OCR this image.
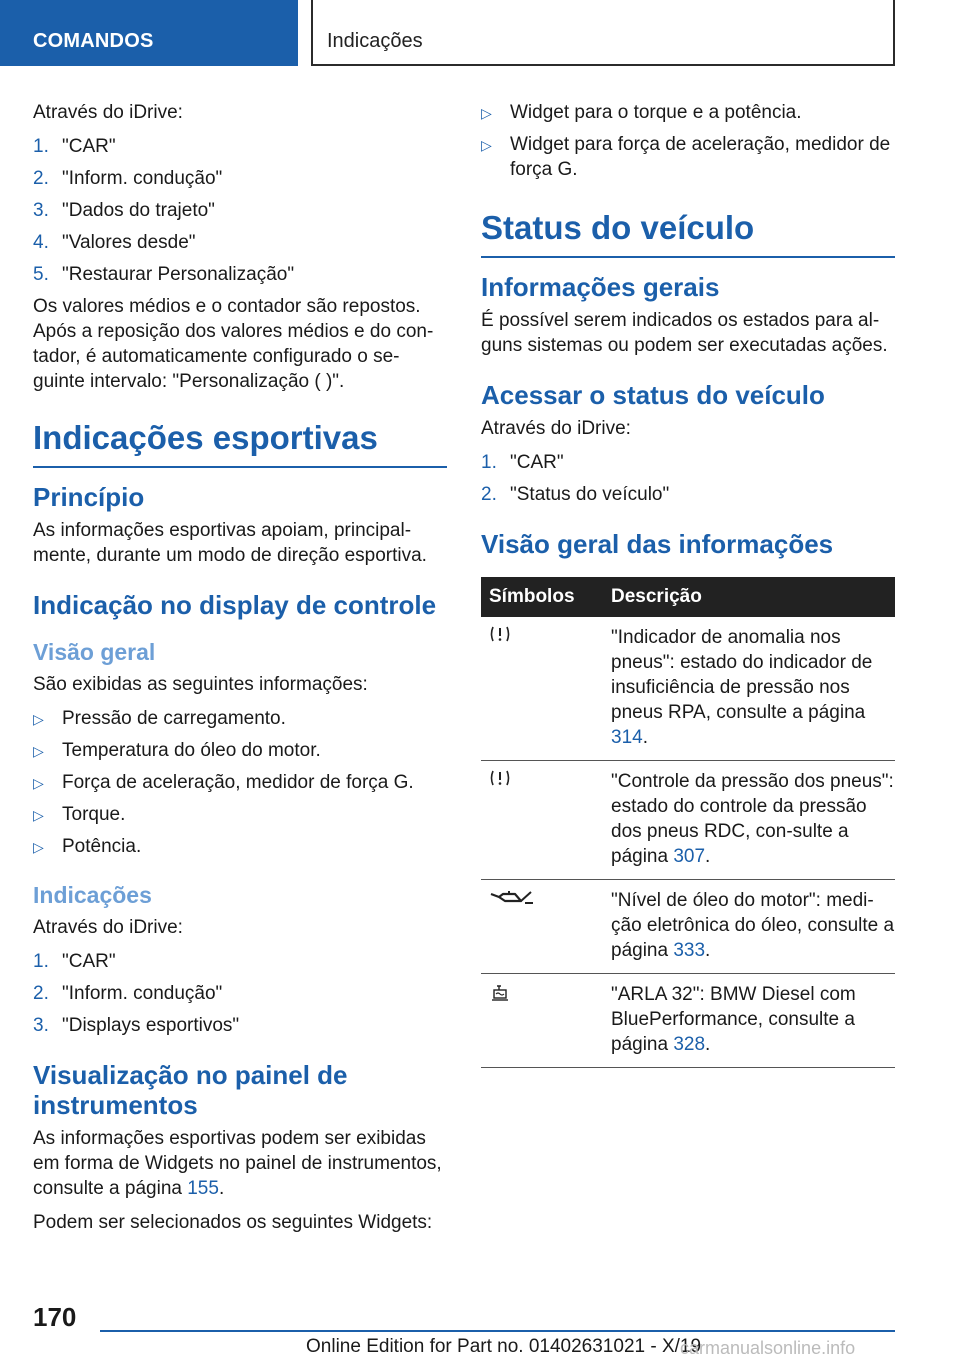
COMANDOS	Indicações

Através do iDrive:

1. "CAR"
2. "Inform. condução"
3. "Dados do trajeto"
4. "Valores desde"
5. "Restaurar Personalização"

Os valores médios e o contador são repostos. Após a reposição dos valores médios e do con-tador, é automaticamente configurado o se-guinte intervalo: "Personalização ( )".

Indicações esportivas
Princípio

As informações esportivas apoiam, principal-mente, durante um modo de direção esportiva.

Indicação no display de controle
Visão geral

São exibidas as seguintes informações:

▷ Pressão de carregamento.
▷ Temperatura do óleo do motor.
▷ Força de aceleração, medidor de força G.
▷ Torque.
▷ Potência.
Indicações

Através do iDrive:

1. "CAR"
2. "Inform. condução"
3. "Displays esportivos"
Visualização no painel de instrumentos

As informações esportivas podem ser exibidas em forma de Widgets no painel de instrumentos, consulte a página 155.

Podem ser selecionados os seguintes Widgets:

▷ Widget para o torque e a potência.
▷ Widget para força de aceleração, medidor de força G.
Status do veículo
Informações gerais

É possível serem indicados os estados para al-guns sistemas ou podem ser executadas ações.

Acessar o status do veículo

Através do iDrive:

1. "CAR"
2. "Status do veículo"
Visão geral das informações
Símbolos	Descrição
	"Indicador de anomalia nos pneus": estado do indicador de insuficiência de pressão nos pneus RPA, consulte a página 314.
	"Controle da pressão dos pneus": estado do controle da pressão dos pneus RDC, con-sulte a página 307.
	"Nível de óleo do motor": medi-ção eletrônica do óleo, consulte a página 333.
	"ARLA 32": BMW Diesel com BluePerformance, consulte a página 328.
170
Online Edition for Part no. 01402631021 - X/19
carmanualsonline.info
